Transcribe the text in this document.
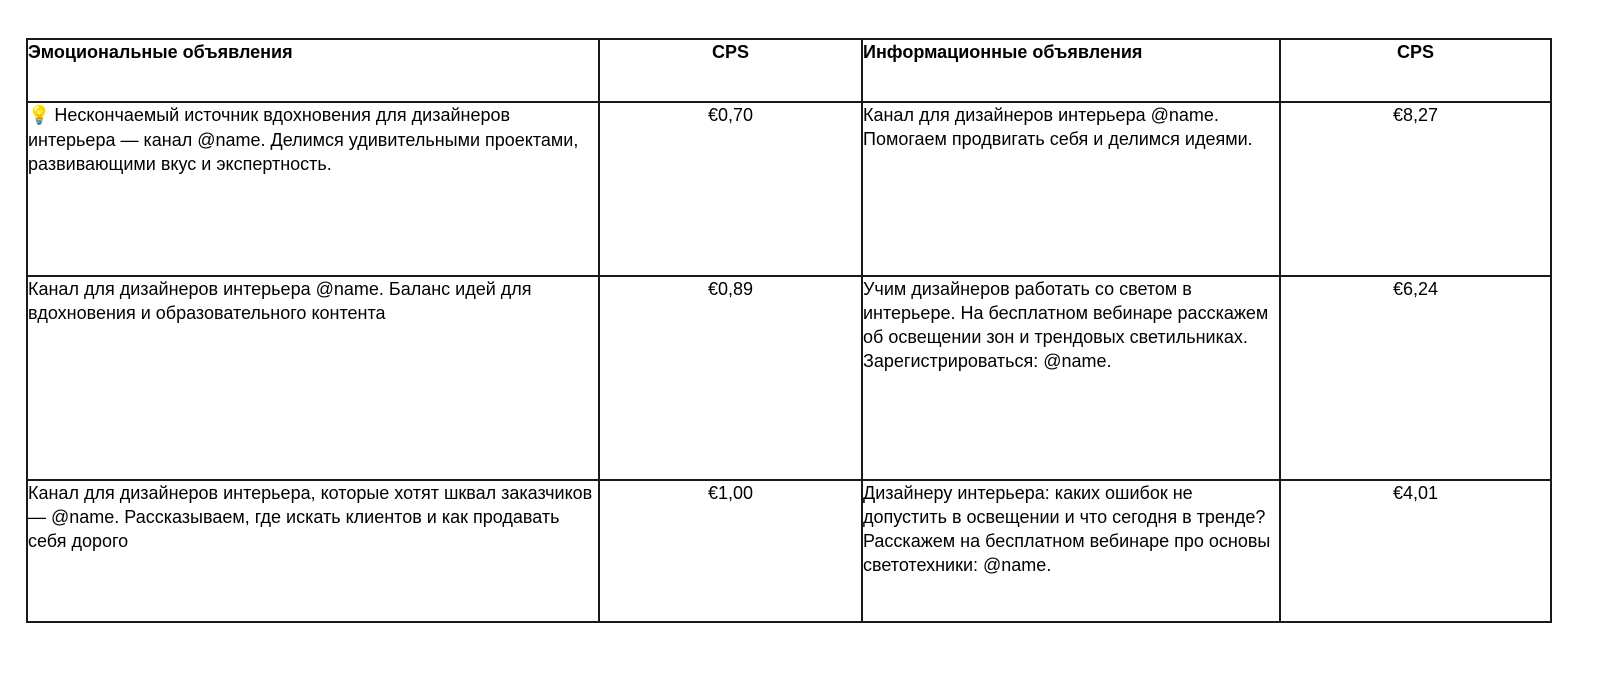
Эмоциональные объявления	CPS	Информационные объявления	CPS
💡 Нескончаемый источник вдохновения для дизайнеров интерьера — канал @name. Делимся удивительными проектами, развивающими вкус и экспертность.	€0,70	Канал для дизайнеров интерьера @name. Помогаем продвигать себя и делимся идеями.	€8,27
Канал для дизайнеров интерьера @name. Баланс идей для вдохновения и образовательного контента	€0,89	Учим дизайнеров работать со светом в интерьере. На бесплатном вебинаре расскажем об освещении зон и трендовых светильниках. Зарегистрироваться: @name.	€6,24
Канал для дизайнеров интерьера, которые хотят шквал заказчиков — @name. Рассказываем, где искать клиентов и как продавать себя дорого	€1,00	Дизайнеру интерьера: каких ошибок не допустить в освещении и что сегодня в тренде? Расскажем на бесплатном вебинаре про основы светотехники: @name.	€4,01
